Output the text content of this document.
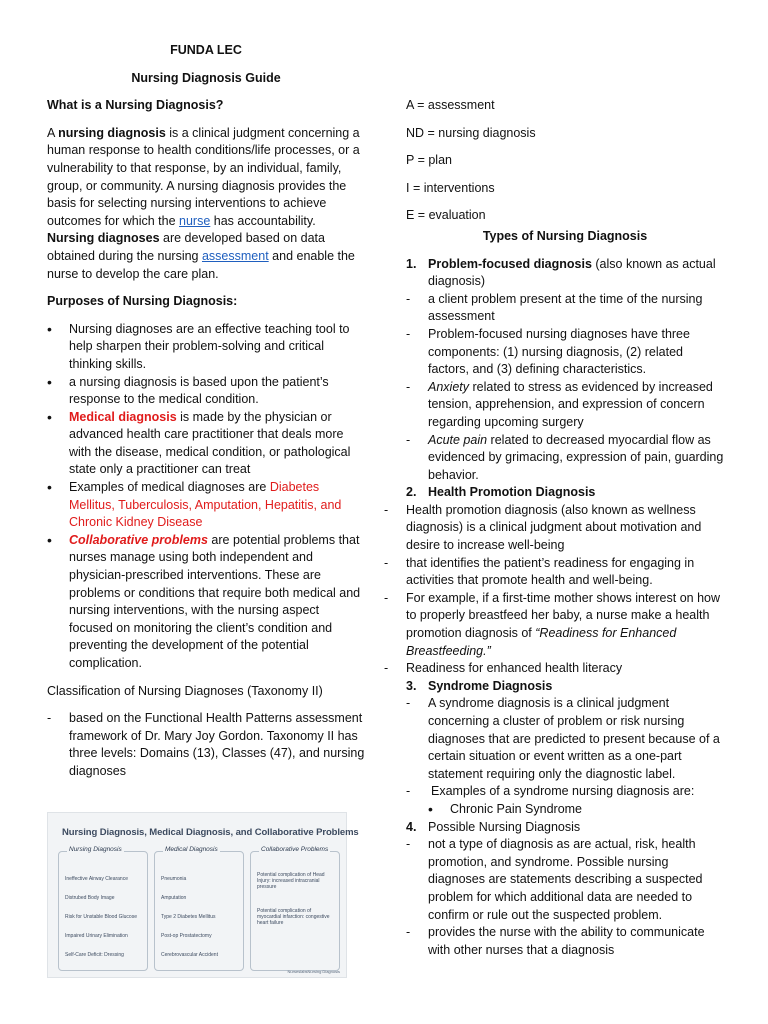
FUNDA LEC

Nursing Diagnosis Guide

What is a Nursing Diagnosis?

A nursing diagnosis is a clinical judgment concerning a human response to health conditions/life processes, or a vulnerability to that response, by an individual, family, group, or community. A nursing diagnosis provides the basis for selecting nursing interventions to achieve outcomes for which the nurse has accountability. Nursing diagnoses are developed based on data obtained during the nursing assessment and enable the nurse to develop the care plan.

Purposes of Nursing Diagnosis:

•	Nursing diagnoses are an effective teaching tool to help sharpen their problem-solving and critical thinking skills.
•	a nursing diagnosis is based upon the patient’s response to the medical condition.
•	Medical diagnosis is made by the physician or advanced health care practitioner that deals more with the disease, medical condition, or pathological state only a practitioner can treat
•	Examples of medical diagnoses are Diabetes Mellitus, Tuberculosis, Amputation, Hepatitis, and Chronic Kidney Disease
•	Collaborative problems are potential problems that nurses manage using both independent and physician-prescribed interventions. These are problems or conditions that require both medical and nursing interventions, with the nursing aspect focused on monitoring the client’s condition and preventing the development of the potential complication.

Classification of Nursing Diagnoses (Taxonomy II)

-	based on the Functional Health Patterns assessment framework of Dr. Mary Joy Gordon. Taxonomy II has three levels: Domains (13), Classes (47), and nursing diagnoses
Nursing Diagnosis, Medical Diagnosis, and Collaborative Problems
Nursing Diagnosis
Ineffective Airway Clearance
Distrubed Body Image
Risk for Unstable Blood Glucose
Impaired Urinary Elimination
Self-Care Deficit: Dressing
Medical Diagnosis
Pneumonia
Amputation
Type 2 Diabetes Mellitus
Post-op Prostatectomy
Cerebrovascular Accident
Collaborative Problems
Potential complication of Head Injury: increased intracranial pressure
Potential complication of myocardial infarction: congestive heart failure
NurseslabsNursing Diagnosis

A = assessment

ND = nursing diagnosis

P = plan

I = interventions

E = evaluation

Types of Nursing Diagnosis

1. Problem-focused diagnosis (also known as actual diagnosis)
-	a client problem present at the time of the nursing assessment
-	Problem-focused nursing diagnoses have three components: (1) nursing diagnosis, (2) related factors, and (3) defining characteristics.
-	Anxiety related to stress as evidenced by increased tension, apprehension, and expression of concern regarding upcoming surgery
-	Acute pain related to decreased myocardial flow as evidenced by grimacing, expression of pain, guarding behavior.
2. Health Promotion Diagnosis
-	Health promotion diagnosis (also known as wellness diagnosis) is a clinical judgment about motivation and desire to increase well-being
-	that identifies the patient’s readiness for engaging in activities that promote health and well-being.
-	For example, if a first-time mother shows interest on how to properly breastfeed her baby, a nurse make a health promotion diagnosis of “Readiness for Enhanced Breastfeeding.”
-	Readiness for enhanced health literacy
3. Syndrome Diagnosis
-	A syndrome diagnosis is a clinical judgment concerning a cluster of problem or risk nursing diagnoses that are predicted to present because of a certain situation or event written as a one-part statement requiring only the diagnostic label.
-	Examples of a syndrome nursing diagnosis are:
•	Chronic Pain Syndrome
4. Possible Nursing Diagnosis
-	not a type of diagnosis as are actual, risk, health promotion, and syndrome. Possible nursing diagnoses are statements describing a suspected problem for which additional data are needed to confirm or rule out the suspected problem.
-	provides the nurse with the ability to communicate with other nurses that a diagnosis
